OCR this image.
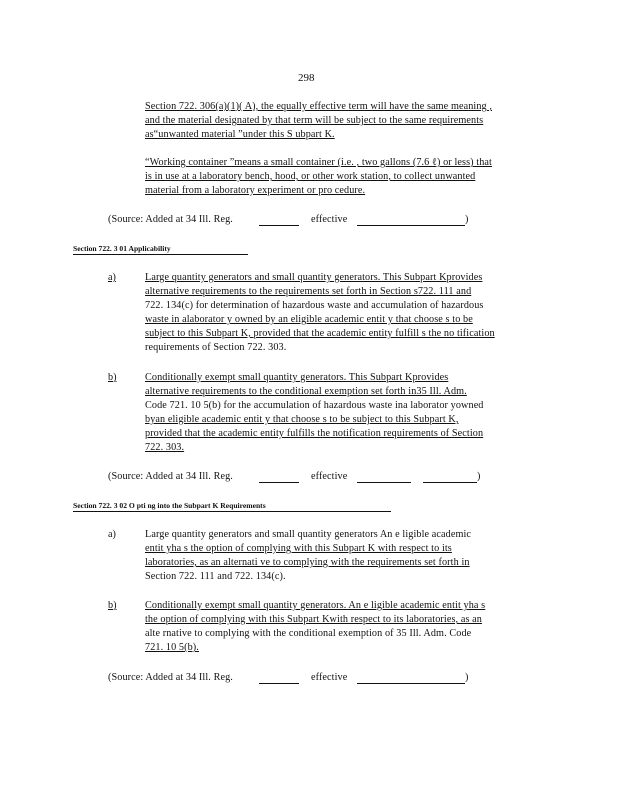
298
Section 722. 306(a)(1)( A), the equally effective term will have the same meaning ,
and the material designated by that term will be subject to the same requirements
as“unwanted material ”under this S ubpart K.
“Working container ”means a small container (i.e. , two gallons (7.6 ℓ) or less) that
is in use at a laboratory bench, hood, or other work station, to collect unwanted
material from a laboratory experiment or pro cedure.
(Source: Added at 34 Ill. Reg.	effective	)
Section 722. 3 01 Applicability
a)	Large quantity generators and small quantity generators. This Subpart Kprovides
alternative requirements to the requirements set forth in Section s722. 111 and
722. 134(c) for determination of hazardous waste and accumulation of hazardous
waste in alaborator y owned by an eligible academic entit y that choose s to be
subject to this Subpart K, provided that the academic entity fulfill s the no tification
requirements of Section 722. 303.
b)	Conditionally exempt small quantity generators. This Subpart Kprovides
alternative requirements to the conditional exemption set forth in35 Ill. Adm.
Code 721. 10 5(b) for the accumulation of hazardous waste ina laborator yowned
byan eligible academic entit y that choose s to be subject to this Subpart K,
provided that the academic entity fulfills the notification requirements of Section
722. 303.
(Source: Added at 34 Ill. Reg.	effective	)
Section 722. 3 02 O pti ng into the Subpart K Requirements
a)	Large quantity generators and small quantity generators An e ligible academic
entit yha s the option of complying with this Subpart K with respect to its
laboratories, as an alternati ve to complying with the requirements set forth in
Section 722. 111 and 722. 134(c).
b)	Conditionally exempt small quantity generators. An e ligible academic entit yha s
the option of complying with this Subpart Kwith respect to its laboratories, as an
alte rnative to complying with the conditional exemption of 35 Ill. Adm. Code
721. 10 5(b).
(Source: Added at 34 Ill. Reg.	effective	)
